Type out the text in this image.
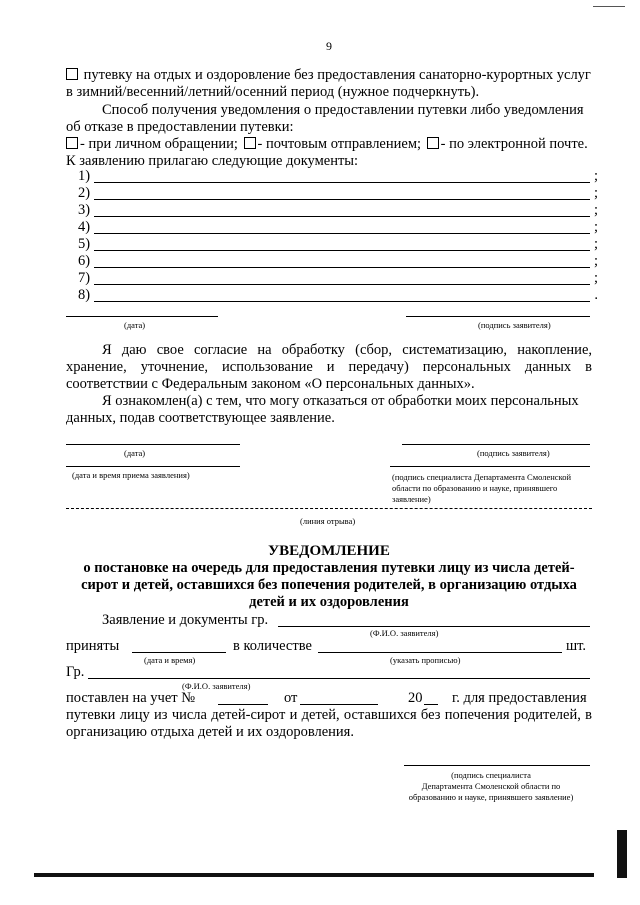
9
путевку на отдых и оздоровление без предоставления санаторно-курортных услуг
в зимний/весенний/летний/осенний период (нужное подчеркнуть).
Способ получения уведомления о предоставлении путевки либо уведомления
об отказе в предоставлении путевки:
- при личном обращении; - почтовым отправлением; - по электронной почте.
К заявлению прилагаю следующие документы:
1)	;
2)	;
3)	;
4)	;
5)	;
6)	;
7)	;
8)	.
(дата)	(подпись заявителя)
Я даю свое согласие на обработку (сбор, систематизацию, накопление,
хранение, уточнение, использование и передачу) персональных данных в
соответствии с Федеральным законом «О персональных данных».
Я ознакомлен(а) с тем, что могу отказаться от обработки моих персональных
данных, подав соответствующее заявление.
(дата)	(подпись заявителя)
(дата и время приема заявления)	(подпись специалиста Департамента Смоленской
области по образованию и науке, принявшего
заявление)
(линия отрыва)
УВЕДОМЛЕНИЕ
о постановке на очередь для предоставления путевки лицу из числа детей-
сирот и детей, оставшихся без попечения родителей, в организацию отдыха
детей и их оздоровления
Заявление и документы гр.
(Ф.И.О. заявителя)
приняты
(дата и время)
в количестве
(указать прописью)
шт.
Гр.
(Ф.И.О. заявителя)
поставлен на учет №	от	20 г. для предоставления
путевки лицу из числа детей-сирот и детей, оставшихся без попечения родителей, в
организацию отдыха детей и их оздоровления.
(подпись специалиста
Департамента Смоленской области по
образованию и науке, принявшего заявление)
